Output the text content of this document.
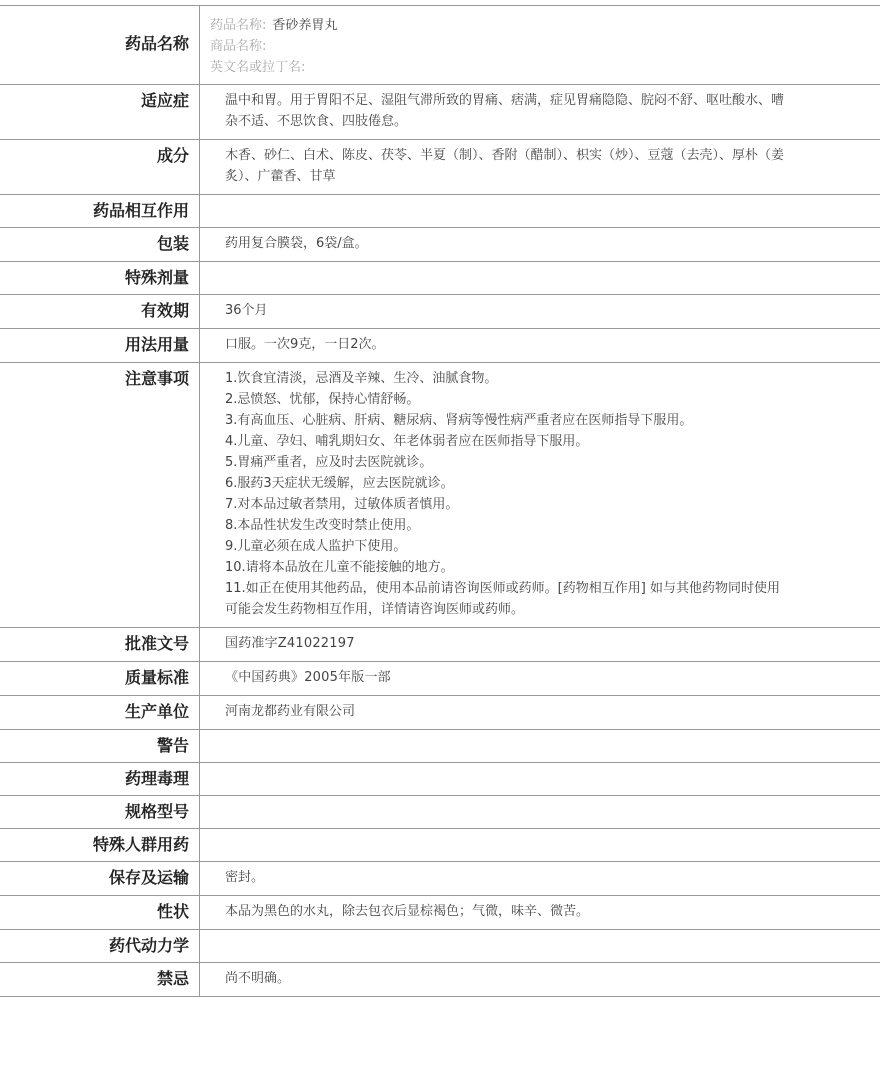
药品名称
药品名称: 香砂养胃丸
商品名称:
英文名或拉丁名:
适应症	温中和胃。用于胃阳不足、湿阻气滞所致的胃痛、痞满，症见胃痛隐隐、脘闷不舒、呕吐酸水、嘈杂不适、不思饮食、四肢倦怠。
成分	木香、砂仁、白术、陈皮、茯苓、半夏（制）、香附（醋制）、枳实（炒）、豆蔻（去壳）、厚朴（姜炙）、广藿香、甘草
药品相互作用
包装	药用复合膜袋，6袋/盒。
特殊剂量
有效期	36个月
用法用量	口服。一次9克，一日2次。
注意事项	1.饮食宜清淡，忌酒及辛辣、生冷、油腻食物。
2.忌愤怒、忧郁，保持心情舒畅。
3.有高血压、心脏病、肝病、糖尿病、肾病等慢性病严重者应在医师指导下服用。
4.儿童、孕妇、哺乳期妇女、年老体弱者应在医师指导下服用。
5.胃痛严重者，应及时去医院就诊。
6.服药3天症状无缓解，应去医院就诊。
7.对本品过敏者禁用，过敏体质者慎用。
8.本品性状发生改变时禁止使用。
9.儿童必须在成人监护下使用。
10.请将本品放在儿童不能接触的地方。
11.如正在使用其他药品，使用本品前请咨询医师或药师。[药物相互作用] 如与其他药物同时使用可能会发生药物相互作用，详情请咨询医师或药师。
批准文号	国药准字Z41022197
质量标准	《中国药典》2005年版一部
生产单位	河南龙都药业有限公司
警告
药理毒理
规格型号
特殊人群用药
保存及运输	密封。
性状	本品为黑色的水丸，除去包衣后显棕褐色；气微，味辛、微苦。
药代动力学
禁忌	尚不明确。
